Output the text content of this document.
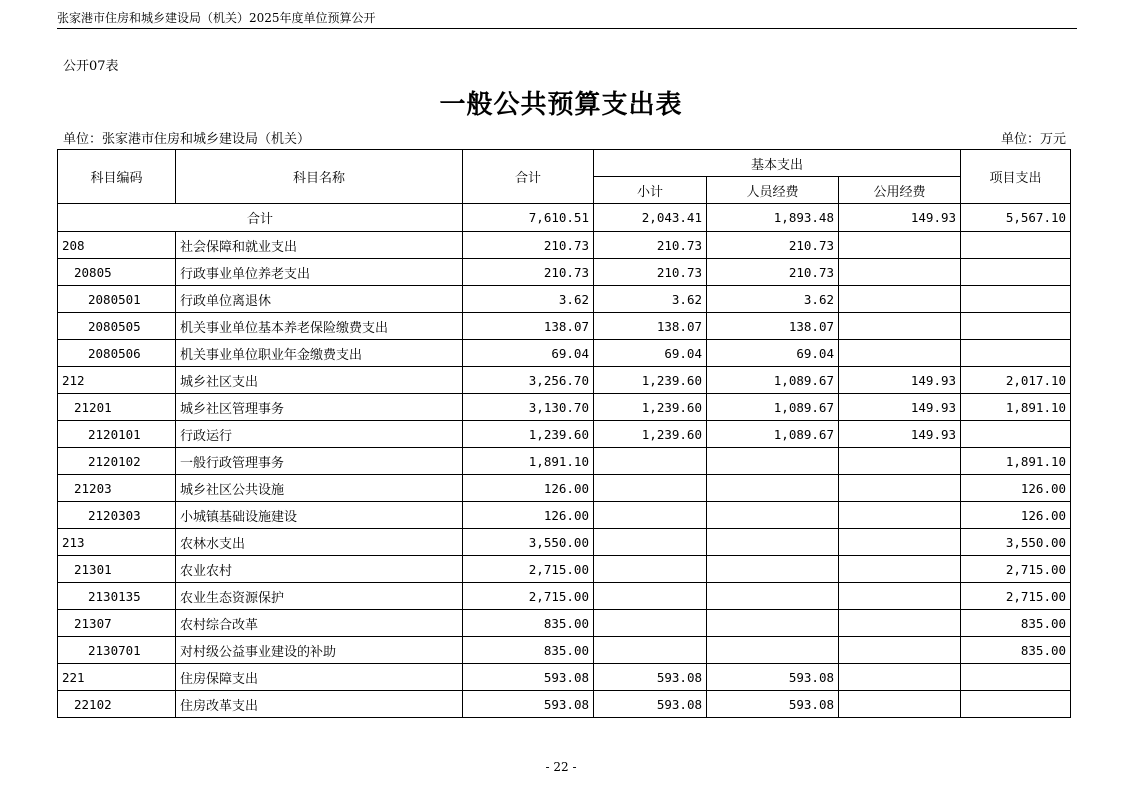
张家港市住房和城乡建设局（机关）2025年度单位预算公开
公开07表
一般公共预算支出表
单位：张家港市住房和城乡建设局（机关）	单位：万元
科目编码	科目名称	合计	基本支出			项目支出
			小计	人员经费	公用经费	
合计		7,610.51	2,043.41	1,893.48	149.93	5,567.10
208	社会保障和就业支出	210.73	210.73	210.73		
20805	行政事业单位养老支出	210.73	210.73	210.73		
2080501	行政单位离退休	3.62	3.62	3.62		
2080505	机关事业单位基本养老保险缴费支出	138.07	138.07	138.07		
2080506	机关事业单位职业年金缴费支出	69.04	69.04	69.04		
212	城乡社区支出	3,256.70	1,239.60	1,089.67	149.93	2,017.10
21201	城乡社区管理事务	3,130.70	1,239.60	1,089.67	149.93	1,891.10
2120101	行政运行	1,239.60	1,239.60	1,089.67	149.93	
2120102	一般行政管理事务	1,891.10				1,891.10
21203	城乡社区公共设施	126.00				126.00
2120303	小城镇基础设施建设	126.00				126.00
213	农林水支出	3,550.00				3,550.00
21301	农业农村	2,715.00				2,715.00
2130135	农业生态资源保护	2,715.00				2,715.00
21307	农村综合改革	835.00				835.00
2130701	对村级公益事业建设的补助	835.00				835.00
221	住房保障支出	593.08	593.08	593.08		
22102	住房改革支出	593.08	593.08	593.08		
- 22 -
